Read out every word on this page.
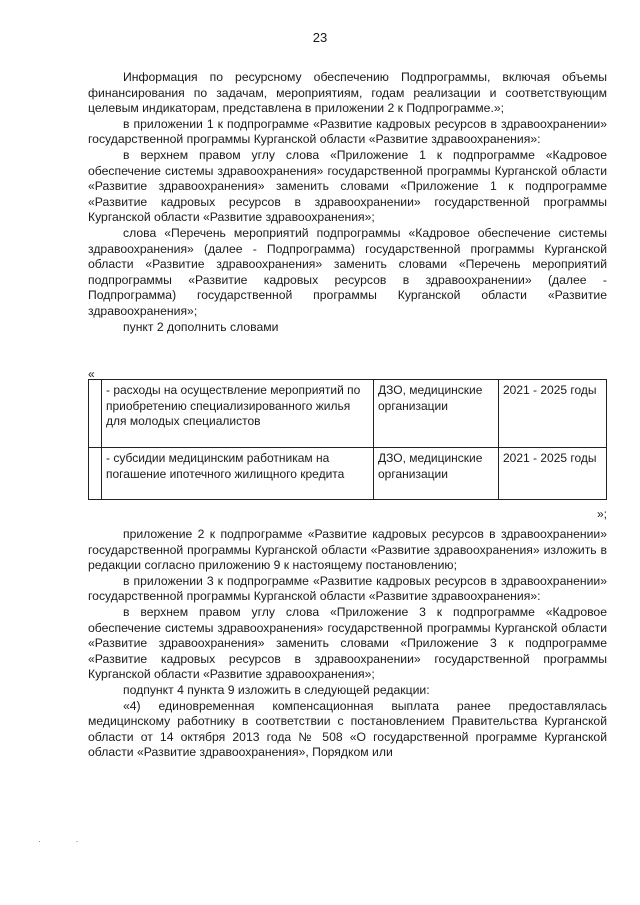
23

Информация по ресурсному обеспечению Подпрограммы, включая объемы финансирования по задачам, мероприятиям, годам реализации и соответствующим целевым индикаторам, представлена в приложении 2 к Подпрограмме.»;

в приложении 1 к подпрограмме «Развитие кадровых ресурсов в здравоохранении» государственной программы Курганской области «Развитие здравоохранения»:

в верхнем правом углу слова «Приложение 1 к подпрограмме «Кадровое обеспечение системы здравоохранения» государственной программы Курганской области «Развитие здравоохранения» заменить словами «Приложение 1 к подпрограмме «Развитие кадровых ресурсов в здравоохранении» государственной программы Курганской области «Развитие здравоохранения»;

слова «Перечень мероприятий подпрограммы «Кадровое обеспечение системы здравоохранения» (далее - Подпрограмма) государственной программы Курганской области «Развитие здравоохранения» заменить словами «Перечень мероприятий подпрограммы «Развитие кадровых ресурсов в здравоохранении» (далее - Подпрограмма) государственной программы Курганской области «Развитие здравоохранения»;

пункт 2 дополнить словами

«
	- расходы на осуществление мероприятий по приобретению специализированного жилья для молодых специалистов	ДЗО, медицинские организации	2021 - 2025 годы
	- субсидии медицинским работникам на погашение ипотечного жилищного кредита	ДЗО, медицинские организации	2021 - 2025 годы
»;

приложение 2 к подпрограмме «Развитие кадровых ресурсов в здравоохранении» государственной программы Курганской области «Развитие здравоохранения» изложить в редакции согласно приложению 9 к настоящему постановлению;

в приложении 3 к подпрограмме «Развитие кадровых ресурсов в здравоохранении» государственной программы Курганской области «Развитие здравоохранения»:

в верхнем правом углу слова «Приложение 3 к подпрограмме «Кадровое обеспечение системы здравоохранения» государственной программы Курганской области «Развитие здравоохранения» заменить словами «Приложение 3 к подпрограмме «Развитие кадровых ресурсов в здравоохранении» государственной программы Курганской области «Развитие здравоохранения»;

подпункт 4 пункта 9 изложить в следующей редакции:

«4) единовременная компенсационная выплата ранее предоставлялась медицинскому работнику в соответствии с постановлением Правительства Курганской области от 14 октября 2013 года № 508 «О государственной программе Курганской области «Развитие здравоохранения», Порядком или

· ·
